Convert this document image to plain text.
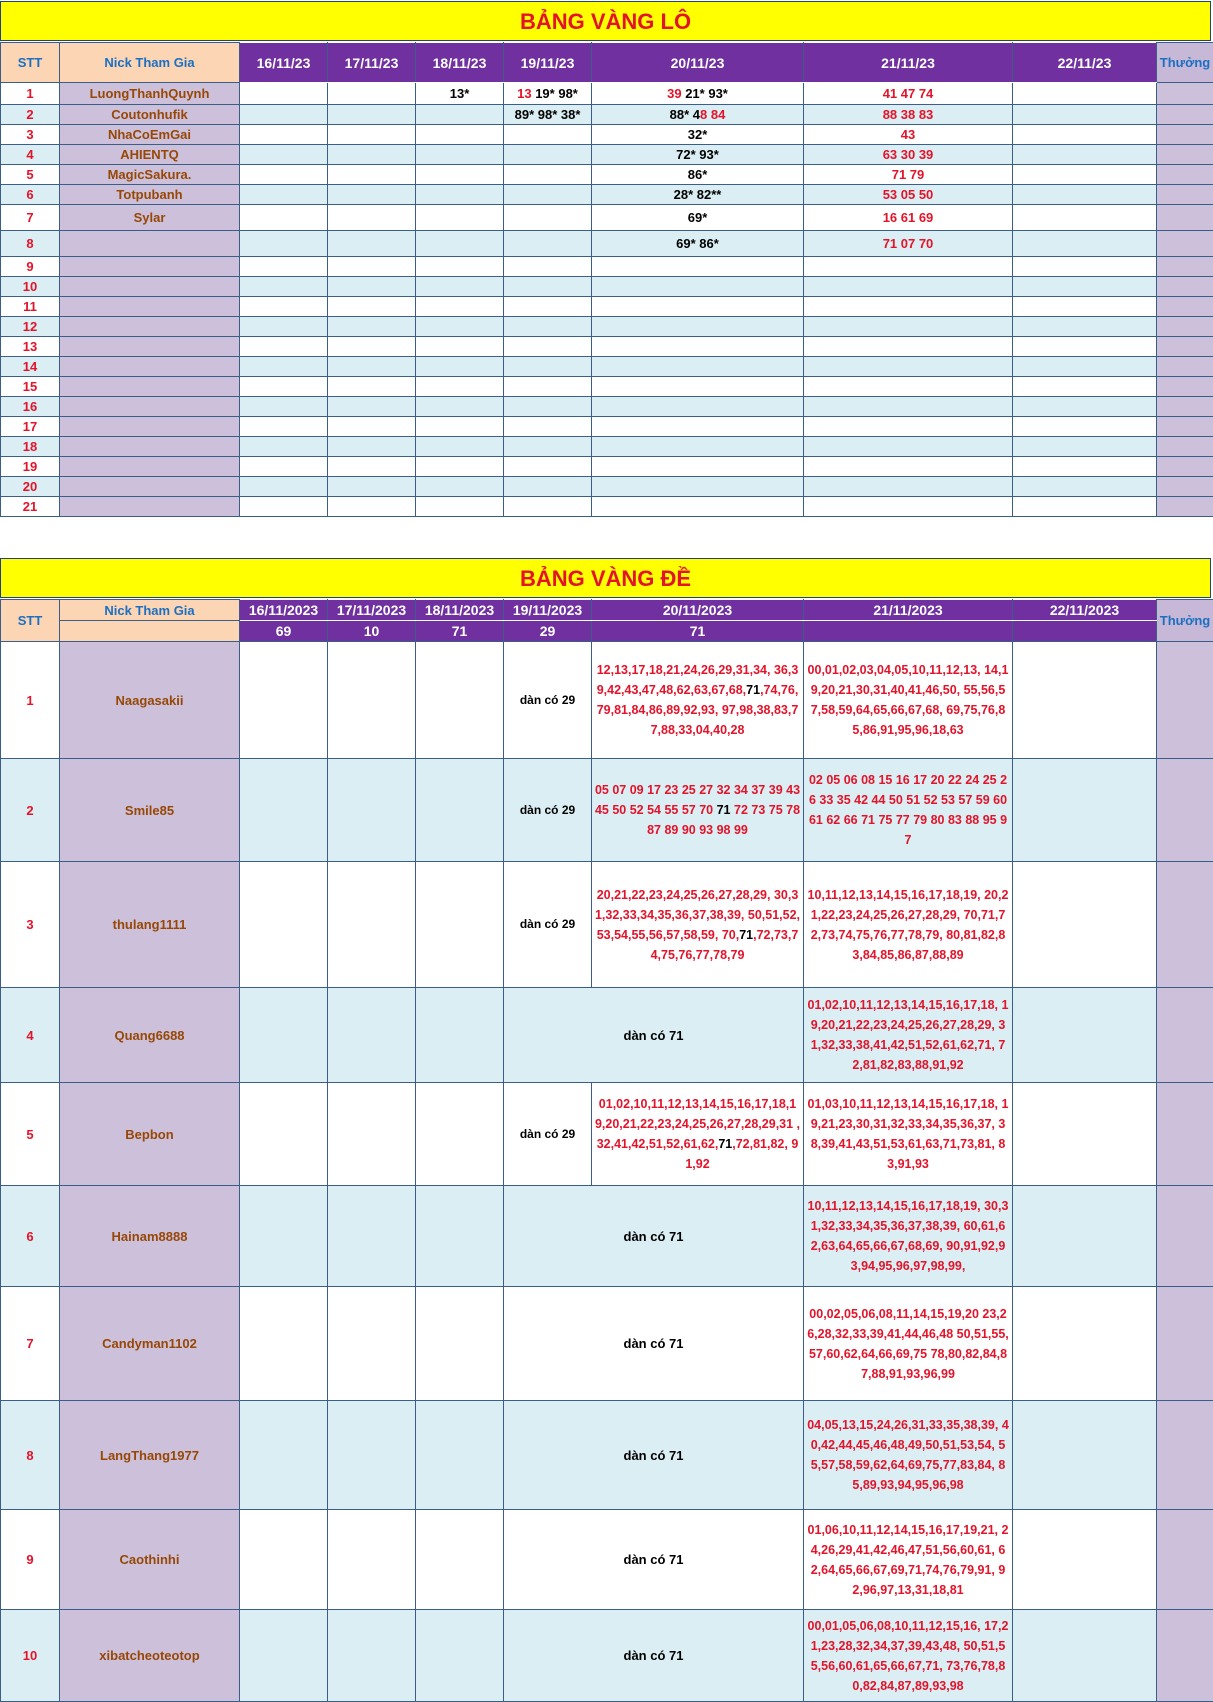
BẢNG VÀNG LÔ
STT	Nick Tham Gia	16/11/23	17/11/23	18/11/23	19/11/23	20/11/23	21/11/23	22/11/23	Thưởng
1	LuongThanhQuynh			13*	13 19* 98*	39 21* 93*	41 47 74		
2	Coutonhufik				89* 98* 38*	88* 48 84	88 38 83		
3	NhaCoEmGai					32*	43		
4	AHIENTQ					72* 93*	63 30 39		
5	MagicSakura.					86*	71 79		
6	Totpubanh					28* 82**	53 05 50		
7	Sylar					69*	16 61 69		
8						69* 86*	71 07 70		
9									
10									
11									
12									
13									
14									
15									
16									
17									
18									
19									
20									
21									
BẢNG VÀNG ĐỀ
STT	Nick Tham Gia	16/11/2023	17/11/2023	18/11/2023	19/11/2023	20/11/2023	21/11/2023	22/11/2023	Thưởng
		69	10	71	29	71			
1	Naagasakii				dàn có 29	12,13,17,18,21,24,26,29,31,34, 36,39,42,43,47,48,62,63,67,68,71,74,76,79,81,84,86,89,92,93, 97,98,38,83,77,88,33,04,40,28	00,01,02,03,04,05,10,11,12,13, 14,19,20,21,30,31,40,41,46,50, 55,56,57,58,59,64,65,66,67,68, 69,75,76,85,86,91,95,96,18,63		
2	Smile85				dàn có 29	05 07 09 17 23 25 27 32 34 37 39 43 45 50 52 54 55 57 70 71 72 73 75 78 87 89 90 93 98 99	02 05 06 08 15 16 17 20 22 24 25 26 33 35 42 44 50 51 52 53 57 59 60 61 62 66 71 75 77 79 80 83 88 95 97		
3	thulang1111				dàn có 29	20,21,22,23,24,25,26,27,28,29, 30,31,32,33,34,35,36,37,38,39, 50,51,52,53,54,55,56,57,58,59, 70,71,72,73,74,75,76,77,78,79	10,11,12,13,14,15,16,17,18,19, 20,21,22,23,24,25,26,27,28,29, 70,71,72,73,74,75,76,77,78,79, 80,81,82,83,84,85,86,87,88,89		
4	Quang6688				dàn có 71		01,02,10,11,12,13,14,15,16,17,18, 19,20,21,22,23,24,25,26,27,28,29, 31,32,33,38,41,42,51,52,61,62,71, 72,81,82,83,88,91,92		
5	Bepbon				dàn có 29	01,02,10,11,12,13,14,15,16,17,18,1 9,20,21,22,23,24,25,26,27,28,29,31 ,32,41,42,51,52,61,62,71,72,81,82, 91,92	01,03,10,11,12,13,14,15,16,17,18, 19,21,23,30,31,32,33,34,35,36,37, 38,39,41,43,51,53,61,63,71,73,81, 83,91,93		
6	Hainam8888				dàn có 71		10,11,12,13,14,15,16,17,18,19, 30,31,32,33,34,35,36,37,38,39, 60,61,62,63,64,65,66,67,68,69, 90,91,92,93,94,95,96,97,98,99,		
7	Candyman1102				dàn có 71		00,02,05,06,08,11,14,15,19,20 23,26,28,32,33,39,41,44,46,48 50,51,55,57,60,62,64,66,69,75 78,80,82,84,87,88,91,93,96,99		
8	LangThang1977				dàn có 71		04,05,13,15,24,26,31,33,35,38,39, 40,42,44,45,46,48,49,50,51,53,54, 55,57,58,59,62,64,69,75,77,83,84, 85,89,93,94,95,96,98		
9	Caothinhi				dàn có 71		01,06,10,11,12,14,15,16,17,19,21, 24,26,29,41,42,46,47,51,56,60,61, 62,64,65,66,67,69,71,74,76,79,91, 92,96,97,13,31,18,81		
10	xibatcheoteotop				dàn có 71		00,01,05,06,08,10,11,12,15,16, 17,21,23,28,32,34,37,39,43,48, 50,51,55,56,60,61,65,66,67,71, 73,76,78,80,82,84,87,89,93,98		
